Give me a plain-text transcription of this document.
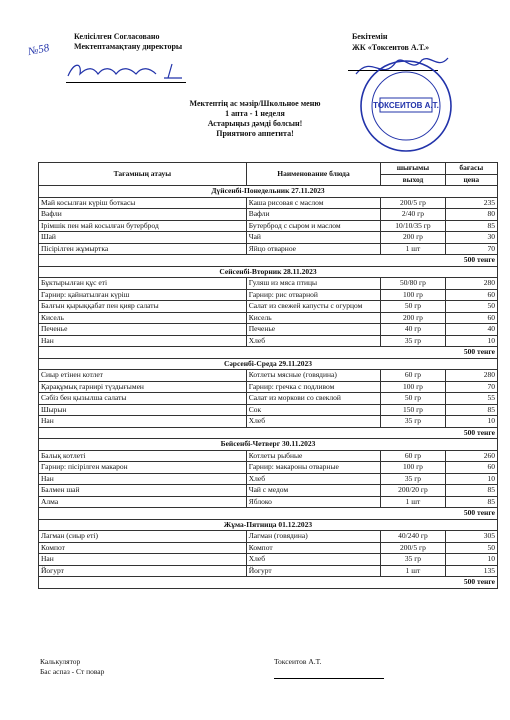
Келісілген Согласовано
Мектептамақтану директоры
№58
Бекітемін
ЖК «Токсеитов А.Т.»
ТОКСЕИТОВ А.Т.
Мектептің ас мәзір/Школьное меню
1 апта - 1 неделя
Астарыңыз дәмді болсын!
Приятного аппетита!
Тағамның атауы	Наименование блюда	шығымы	бағасы
		выход	цена
Дүйсенбі-Понедельник 27.11.2023			
Май косылған күріш боткасы	Каша рисовая с маслом	200/5 гр	235
Вафли	Вафли	2/40 гр	80
Ірімшік пен май косылған бутерброд	Бутерброд с сыром и маслом	10/10/35 гр	85
Шай	Чай	200 гр	30
Пісірілген жұмыртка	Яйцо отварное	1 шт	70
500 тенге			
Сейсенбі-Вторник 28.11.2023			
Бұктырылған құс еті	Гуляш из мяса птицы	50/80 гр	280
Гарнир: қайнатылған күріш	Гарнир: рис отварной	100 гр	60
Балғын қырыққабат пен қияр салаты	Салат из свежей капусты с огурцом	50 гр	50
Кисель	Кисель	200 гр	60
Печенье	Печенье	40 гр	40
Нан	Хлеб	35 гр	10
500 тенге			
Сәрсенбі-Среда 29.11.2023			
Сиыр етінен котлет	Котлеты мясные (говядина)	60 гр	280
Қарақұмық гарнирі түздығымен	Гарнир: гречка с подливом	100 гр	70
Сәбіз бен қызылша салаты	Салат из моркови со свеклой	50 гр	55
Шырын	Сок	150 гр	85
Нан	Хлеб	35 гр	10
500 тенге			
Бейсенбі-Четверг 30.11.2023			
Балық котлеті	Котлеты рыбные	60 гр	260
Гарнир: пісірілген макарон	Гарнир: макароны отварные	100 гр	60
Нан	Хлеб	35 гр	10
Балмен шай	Чай с медом	200/20 гр	85
Алма	Яблоко	1 шт	85
500 тенге			
Жұма-Пятница 01.12.2023			
Лагман (сиыр еті)	Лагман (говядина)	40/240 гр	305
Компот	Компот	200/5 гр	50
Нан	Хлеб	35 гр	10
Йогурт	Йогурт	1 шт	135
500 тенге			
Калькулятор
Бас аспаз - Ст повар
Токсеитов А.Т.
